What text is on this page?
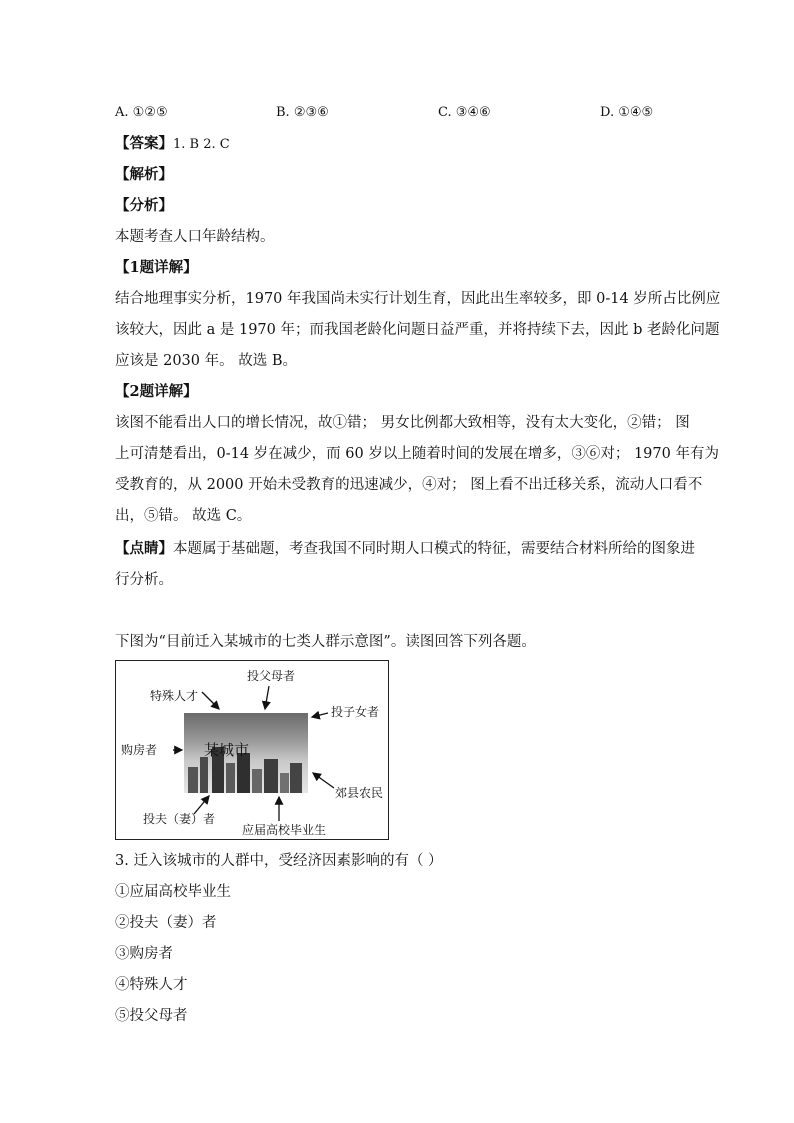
A. ①②⑤	B. ②③⑥	C. ③④⑥	D. ①④⑤
【答案】1. B 2. C
【解析】
【分析】
本题考查人口年龄结构。
【1题详解】
结合地理事实分析，1970 年我国尚未实行计划生育，因此出生率较多，即 0-14 岁所占比例应
该较大，因此 a 是 1970 年；而我国老龄化问题日益严重，并将持续下去，因此 b 老龄化问题
应该是 2030 年。 故选 B。
【2题详解】
该图不能看出人口的增长情况，故①错； 男女比例都大致相等，没有太大变化，②错； 图
上可清楚看出，0-14 岁在减少，而 60 岁以上随着时间的发展在增多，③⑥对； 1970 年有为
受教育的，从 2000 开始未受教育的迅速减少，④对； 图上看不出迁移关系，流动人口看不
出，⑤错。 故选 C。
【点睛】本题属于基础题，考查我国不同时期人口模式的特征，需要结合材料所给的图象进
行分析。
下图为“目前迁入某城市的七类人群示意图”。读图回答下列各题。
某城市
投父母者
特殊人才
投子女者
购房者
郊县农民
投夫（妻）者
应届高校毕业生
3. 迁入该城市的人群中，受经济因素影响的有（ ）
①应届高校毕业生
②投夫（妻）者
③购房者
④特殊人才
⑤投父母者
